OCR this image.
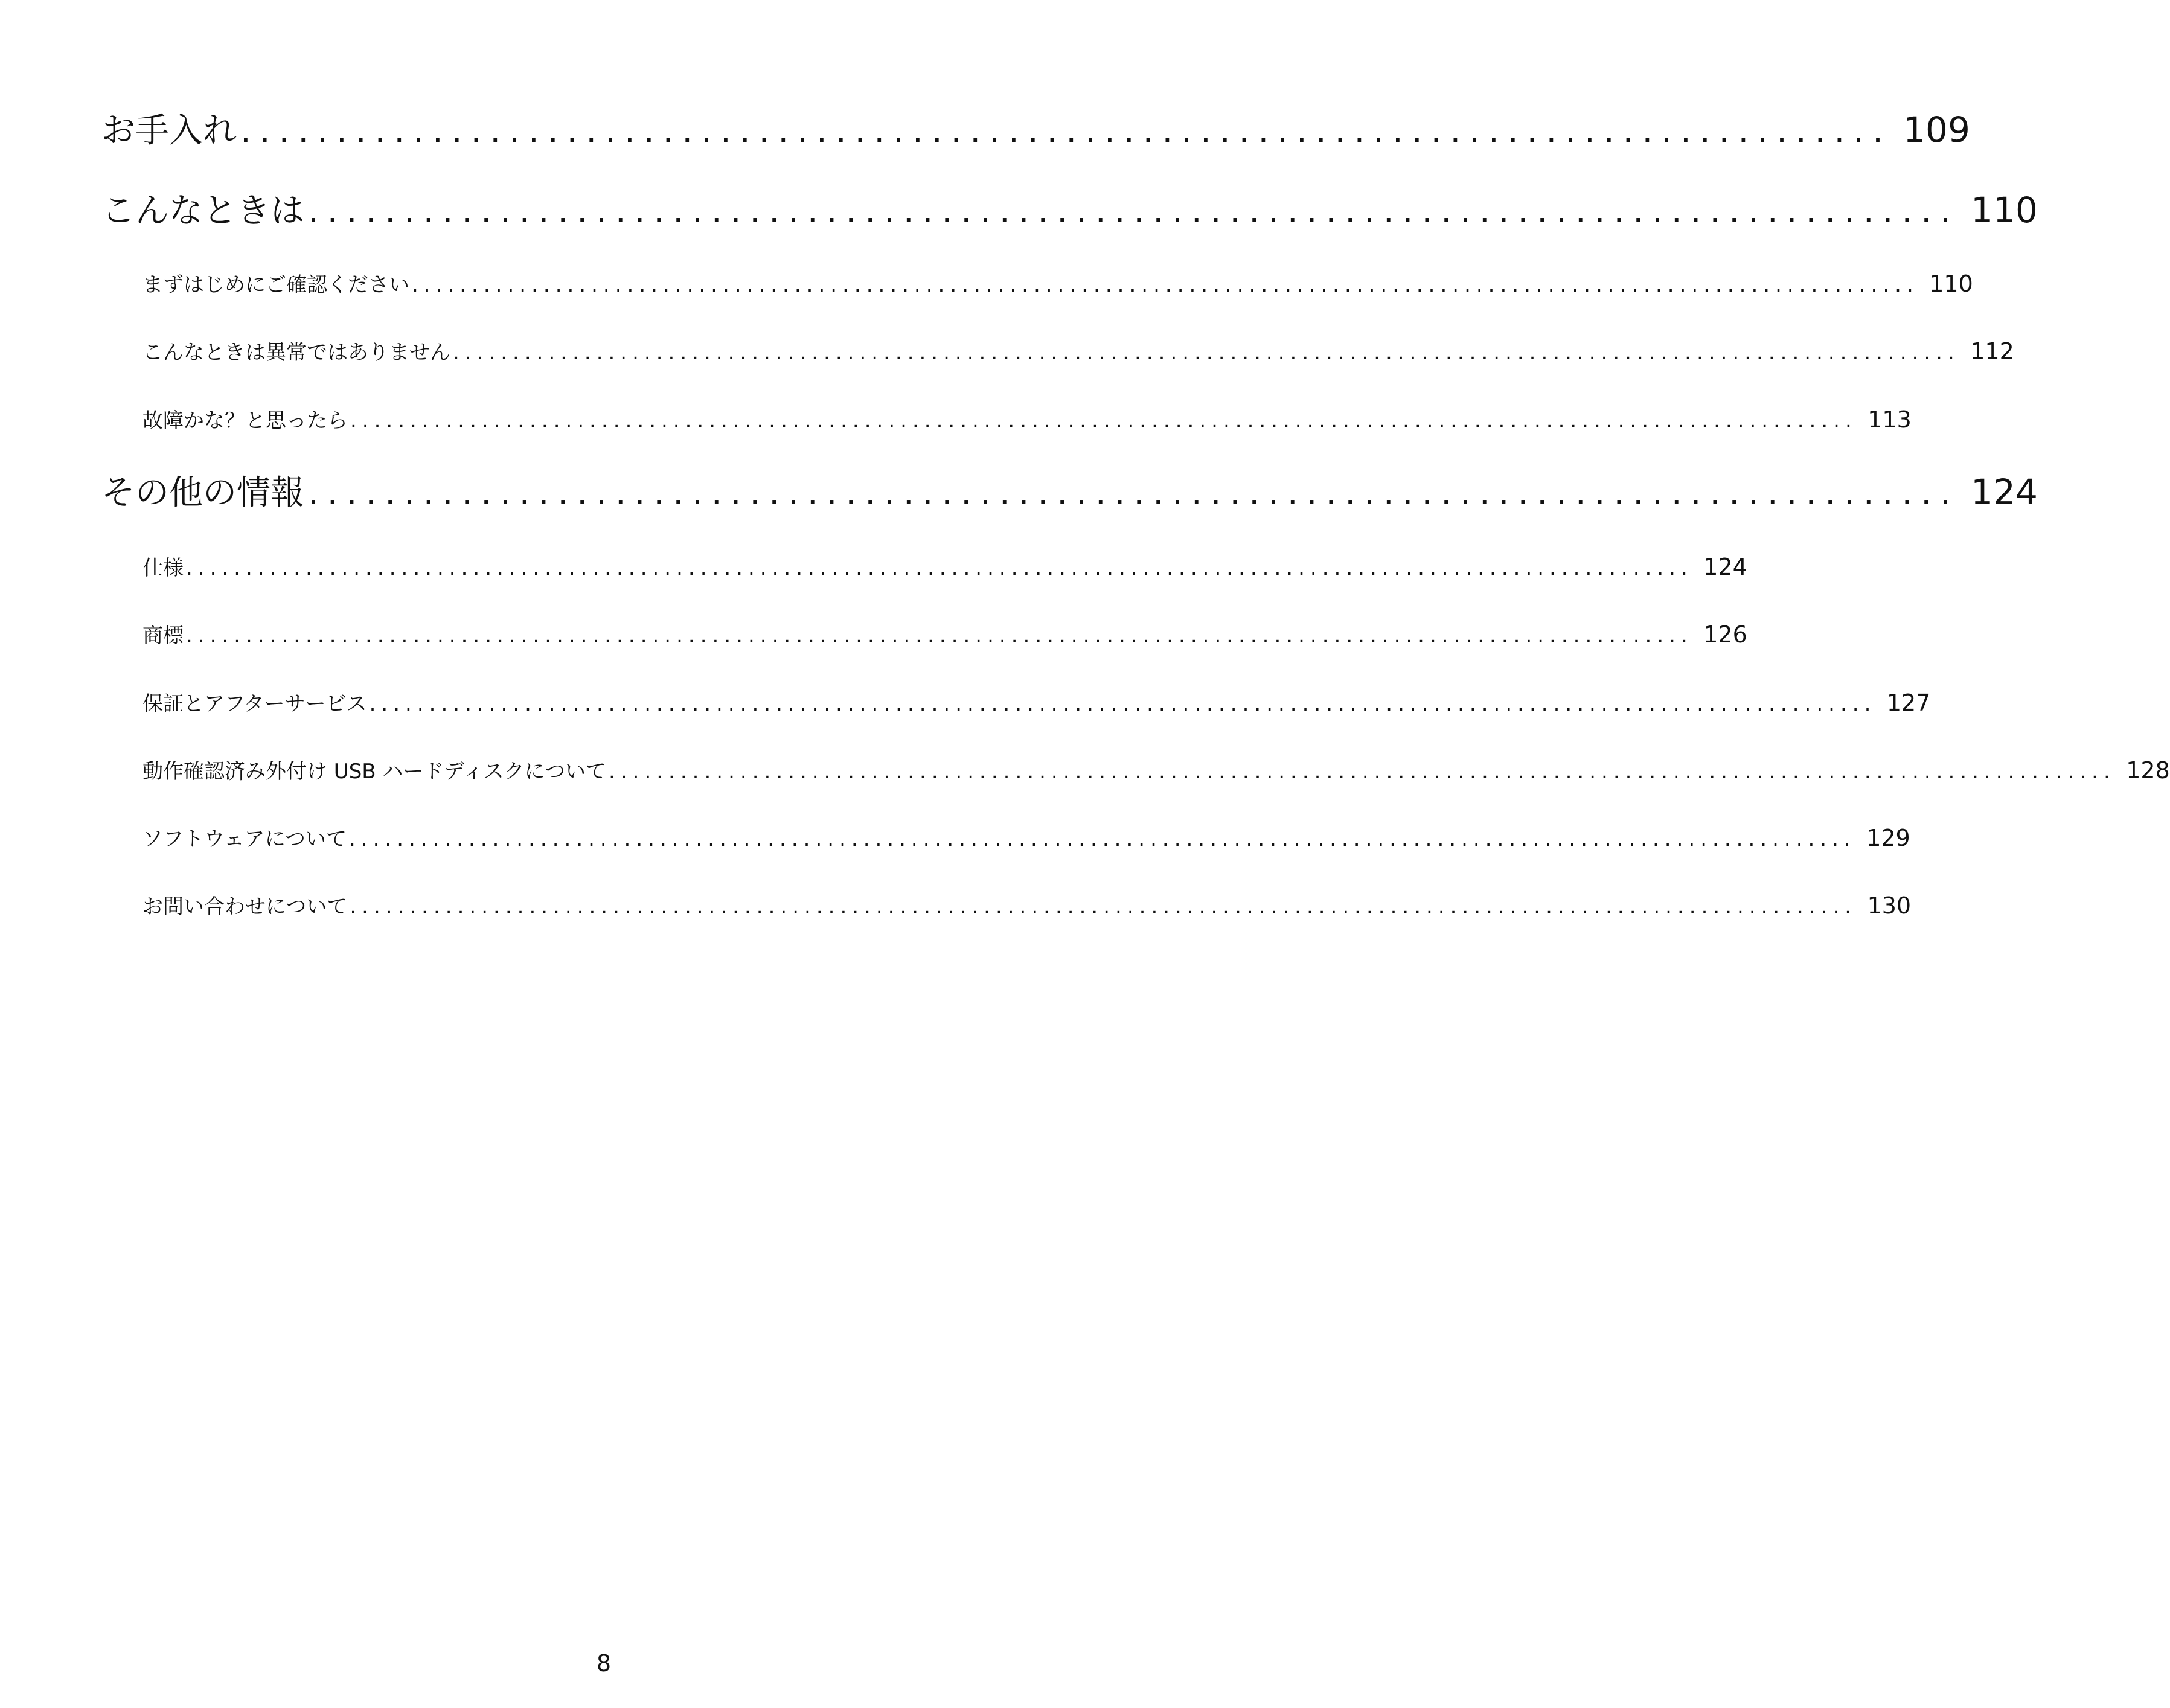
お手入れ ...................................................................................... 109
こんなときは ...................................................................................... 110
まずはじめにご確認ください .............................................................................................................................. 110
こんなときは異常ではありません .............................................................................................................................. 112
故障かな？と思ったら .............................................................................................................................. 113
その他の情報 ...................................................................................... 124
仕様 .............................................................................................................................. 124
商標 .............................................................................................................................. 126
保証とアフターサービス .............................................................................................................................. 127
動作確認済み外付け USB ハードディスクについて .............................................................................................................................. 128
ソフトウェアについて .............................................................................................................................. 129
お問い合わせについて .............................................................................................................................. 130
8
